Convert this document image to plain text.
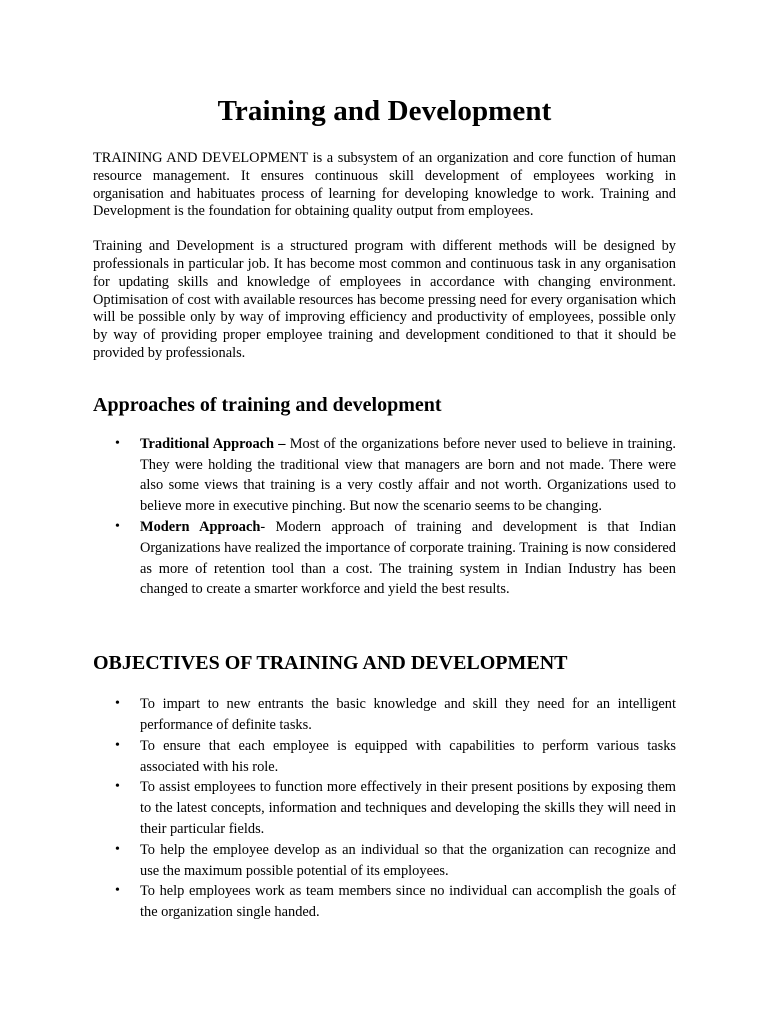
Training and Development

TRAINING AND DEVELOPMENT is a subsystem of an organization and core function of human resource management. It ensures continuous skill development of employees working in organisation and habituates process of learning for developing knowledge to work. Training and Development is the foundation for obtaining quality output from employees.

Training and Development is a structured program with different methods will be designed by professionals in particular job. It has become most common and continuous task in any organisation for updating skills and knowledge of employees in accordance with changing environment. Optimisation of cost with available resources has become pressing need for every organisation which will be possible only by way of improving efficiency and productivity of employees, possible only by way of providing proper employee training and development conditioned to that it should be provided by professionals.

Approaches of training and development
• Traditional Approach – Most of the organizations before never used to believe in training. They were holding the traditional view that managers are born and not made. There were also some views that training is a very costly affair and not worth. Organizations used to believe more in executive pinching. But now the scenario seems to be changing.
• Modern Approach- Modern approach of training and development is that Indian Organizations have realized the importance of corporate training. Training is now considered as more of retention tool than a cost. The training system in Indian Industry has been changed to create a smarter workforce and yield the best results.
OBJECTIVES OF TRAINING AND DEVELOPMENT
• To impart to new entrants the basic knowledge and skill they need for an intelligent performance of definite tasks.
• To ensure that each employee is equipped with capabilities to perform various tasks associated with his role.
• To assist employees to function more effectively in their present positions by exposing them to the latest concepts, information and techniques and developing the skills they will need in their particular fields.
• To help the employee develop as an individual so that the organization can recognize and use the maximum possible potential of its employees.
• To help employees work as team members since no individual can accomplish the goals of the organization single handed.
